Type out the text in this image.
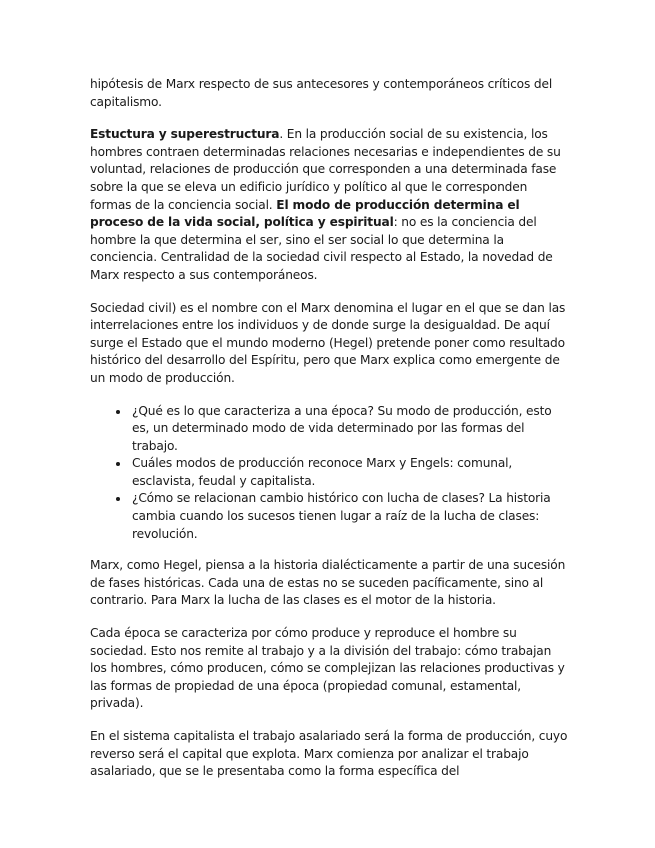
hipótesis de Marx respecto de sus antecesores y contemporáneos críticos del capitalismo.

Estuctura y superestructura. En la producción social de su existencia, los hombres contraen determinadas relaciones necesarias e independientes de su voluntad, relaciones de producción que corresponden a una determinada fase sobre la que se eleva un edificio jurídico y político al que le corresponden formas de la conciencia social. El modo de producción determina el proceso de la vida social, política y espiritual: no es la conciencia del hombre la que determina el ser, sino el ser social lo que determina la conciencia. Centralidad de la sociedad civil respecto al Estado, la novedad de Marx respecto a sus contemporáneos.

Sociedad civil) es el nombre con el Marx denomina el lugar en el que se dan las interrelaciones entre los individuos y de donde surge la desigualdad. De aquí surge el Estado que el mundo moderno (Hegel) pretende poner como resultado histórico del desarrollo del Espíritu, pero que Marx explica como emergente de un modo de producción.

• ¿Qué es lo que caracteriza a una época? Su modo de producción, esto es, un determinado modo de vida determinado por las formas del trabajo.
• Cuáles modos de producción reconoce Marx y Engels: comunal, esclavista, feudal y capitalista.
• ¿Cómo se relacionan cambio histórico con lucha de clases? La historia cambia cuando los sucesos tienen lugar a raíz de la lucha de clases: revolución.

Marx, como Hegel, piensa a la historia dialécticamente a partir de una sucesión de fases históricas. Cada una de estas no se suceden pacíficamente, sino al contrario. Para Marx la lucha de las clases es el motor de la historia.

Cada época se caracteriza por cómo produce y reproduce el hombre su sociedad. Esto nos remite al trabajo y a la división del trabajo: cómo trabajan los hombres, cómo producen, cómo se complejizan las relaciones productivas y las formas de propiedad de una época (propiedad comunal, estamental, privada).

En el sistema capitalista el trabajo asalariado será la forma de producción, cuyo reverso será el capital que explota. Marx comienza por analizar el trabajo asalariado, que se le presentaba como la forma específica del
